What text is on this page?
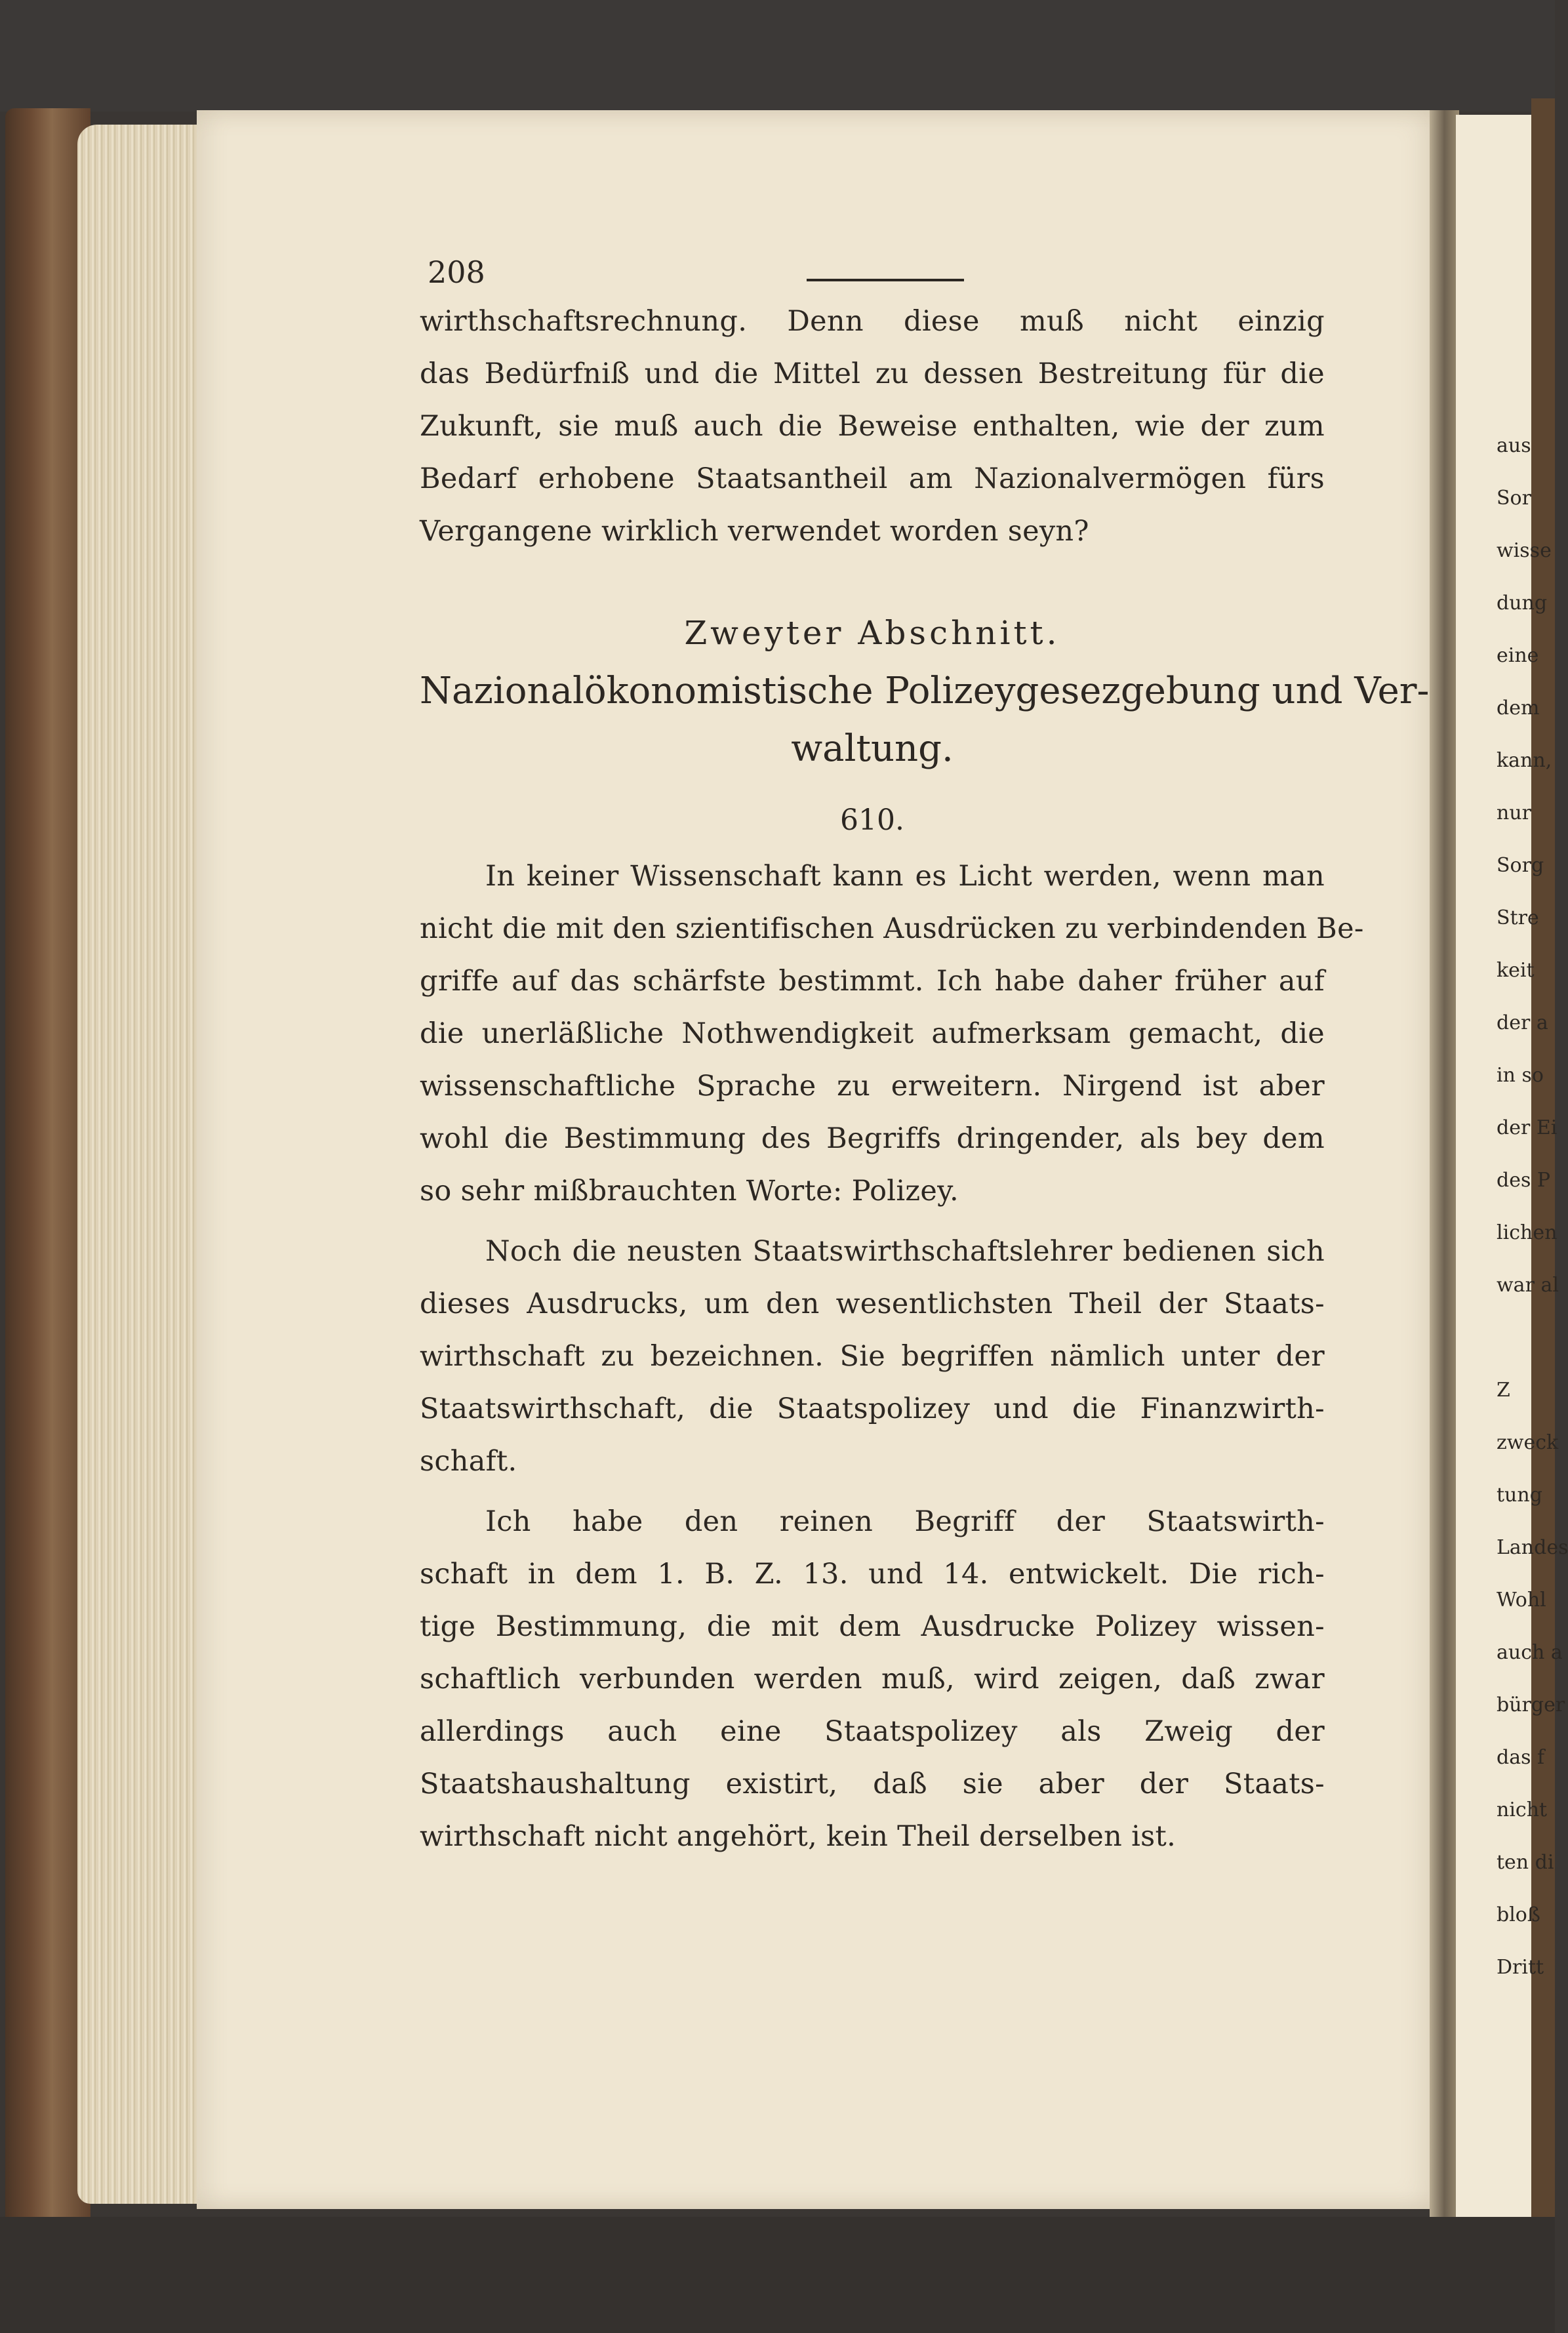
208
wirthschaftsrechnung. Denn diese muß nicht einzig
das Bedürfniß und die Mittel zu dessen Bestreitung für die
Zukunft, sie muß auch die Beweise enthalten, wie der zum
Bedarf erhobene Staatsantheil am Nazionalvermögen fürs
Vergangene wirklich verwendet worden seyn?
Zweyter Abschnitt.
Nazionalökonomistische Polizeygesezgebung und Ver-
waltung.
610.
In keiner Wissenschaft kann es Licht werden, wenn man
nicht die mit den szientifischen Ausdrücken zu verbindenden Be-
griffe auf das schärfste bestimmt. Ich habe daher früher auf
die unerläßliche Nothwendigkeit aufmerksam gemacht, die
wissenschaftliche Sprache zu erweitern. Nirgend ist aber
wohl die Bestimmung des Begriffs dringender, als bey dem
so sehr mißbrauchten Worte: Polizey.
Noch die neusten Staatswirthschaftslehrer bedienen sich
dieses Ausdrucks, um den wesentlichsten Theil der Staats-
wirthschaft zu bezeichnen. Sie begriffen nämlich unter der
Staatswirthschaft, die Staatspolizey und die Finanzwirth-
schaft.
Ich habe den reinen Begriff der Staatswirth-
schaft in dem 1. B. Z. 13. und 14. entwickelt. Die rich-
tige Bestimmung, die mit dem Ausdrucke Polizey wissen-
schaftlich verbunden werden muß, wird zeigen, daß zwar
allerdings auch eine Staatspolizey als Zweig der
Staatshaushaltung existirt, daß sie aber der Staats-
wirthschaft nicht angehört, kein Theil derselben ist.
aus
Sor
wisse
dung
eine
dem
kann,
nur
Sorg
Stre
keit
der a
in so
der Ei
des P
lichen
war al

Z
zweck
tung
Landes
Wohl
auch a
bürger
das f
nicht
ten di
bloß
Dritt
